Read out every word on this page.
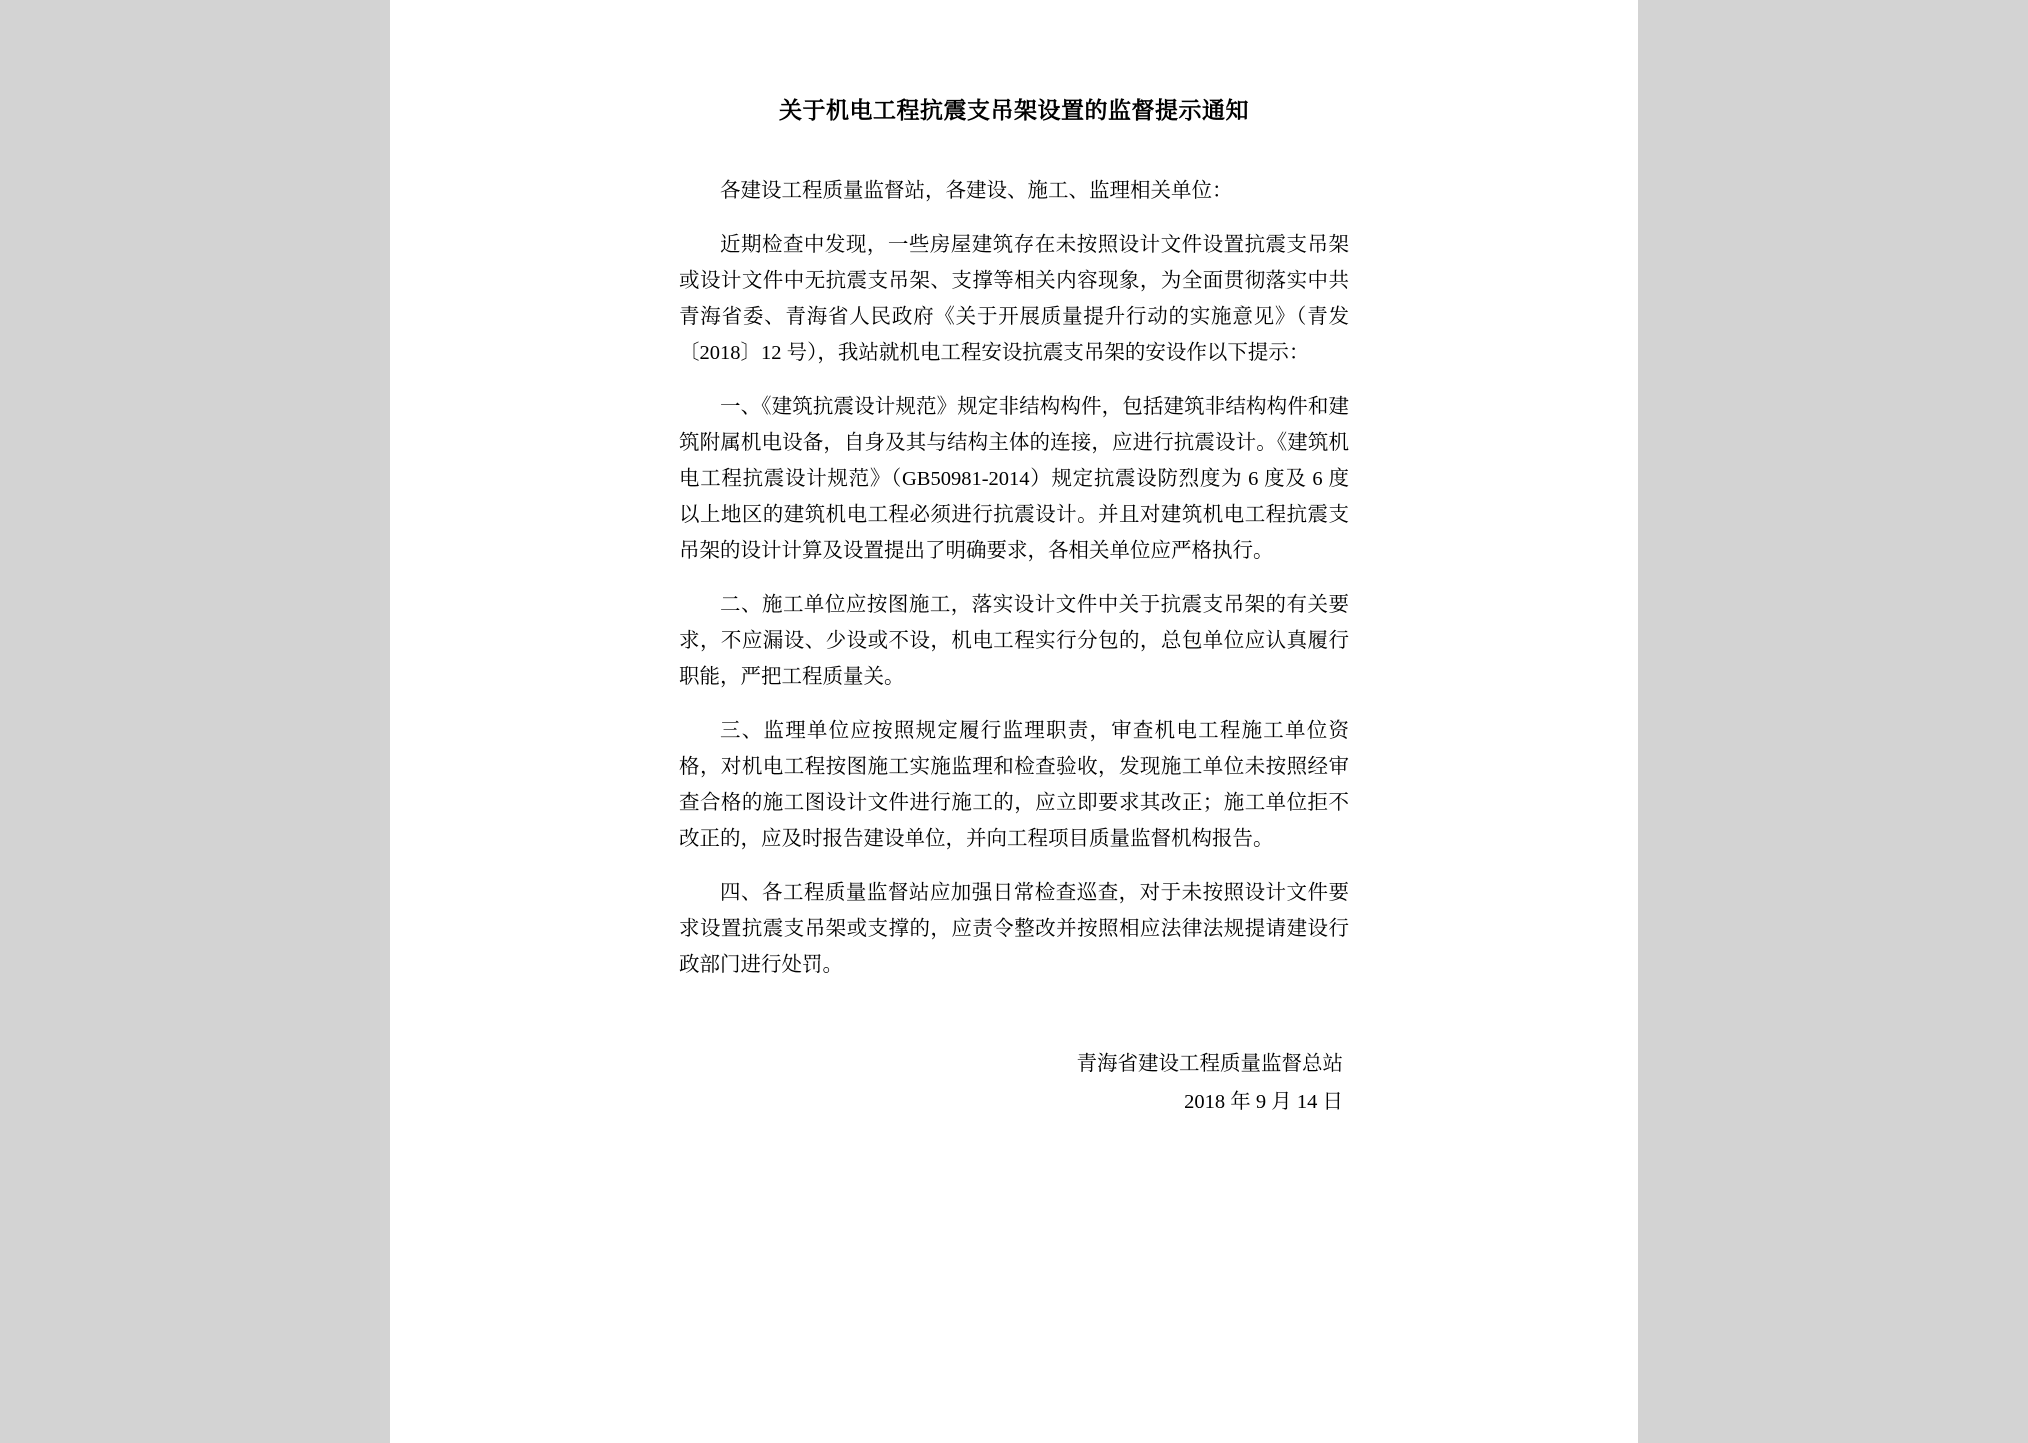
关于机电工程抗震支吊架设置的监督提示通知

各建设工程质量监督站，各建设、施工、监理相关单位：

近期检查中发现，一些房屋建筑存在未按照设计文件设置抗震支吊架或设计文件中无抗震支吊架、支撑等相关内容现象，为全面贯彻落实中共青海省委、青海省人民政府《关于开展质量提升行动的实施意见》（青发〔2018〕12 号），我站就机电工程安设抗震支吊架的安设作以下提示：

一、《建筑抗震设计规范》规定非结构构件，包括建筑非结构构件和建筑附属机电设备，自身及其与结构主体的连接，应进行抗震设计。《建筑机电工程抗震设计规范》（GB50981-2014）规定抗震设防烈度为 6 度及 6 度以上地区的建筑机电工程必须进行抗震设计。并且对建筑机电工程抗震支吊架的设计计算及设置提出了明确要求，各相关单位应严格执行。

二、施工单位应按图施工，落实设计文件中关于抗震支吊架的有关要求，不应漏设、少设或不设，机电工程实行分包的，总包单位应认真履行职能，严把工程质量关。

三、监理单位应按照规定履行监理职责，审查机电工程施工单位资格，对机电工程按图施工实施监理和检查验收，发现施工单位未按照经审查合格的施工图设计文件进行施工的，应立即要求其改正；施工单位拒不改正的，应及时报告建设单位，并向工程项目质量监督机构报告。

四、各工程质量监督站应加强日常检查巡查，对于未按照设计文件要求设置抗震支吊架或支撑的，应责令整改并按照相应法律法规提请建设行政部门进行处罚。

青海省建设工程质量监督总站
2018 年 9 月 14 日
